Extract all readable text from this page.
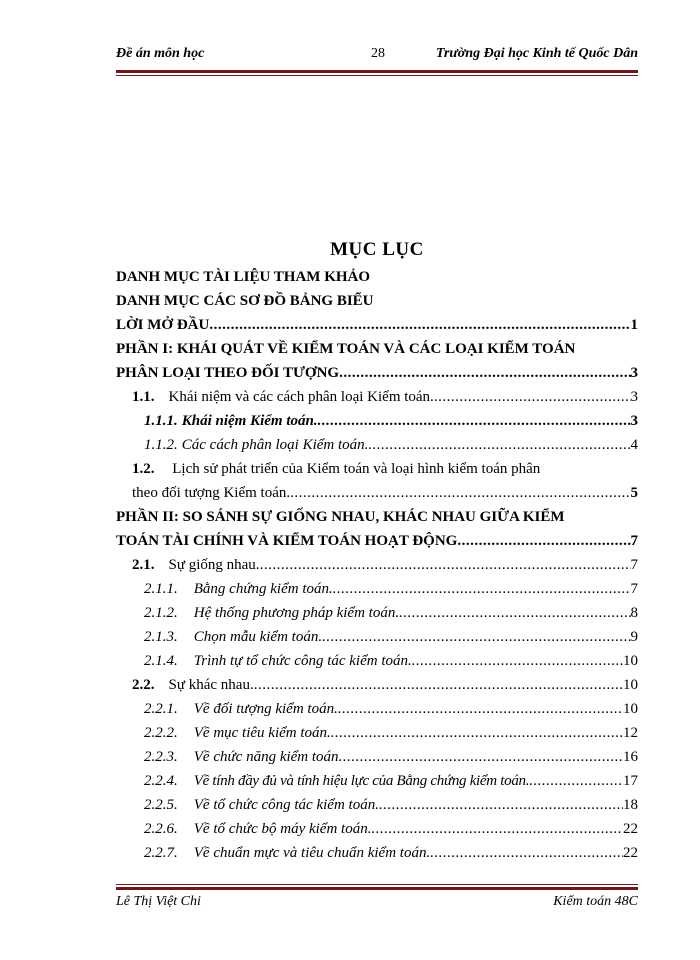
Đề án môn học	28	Trường Đại học Kinh tế Quốc Dân
MỤC LỤC
DANH MỤC TÀI LIỆU THAM KHẢO
DANH MỤC CÁC SƠ ĐỒ BẢNG BIỂU
LỜI MỞ ĐẦU .....	1
PHẦN I: KHÁI QUÁT VỀ KIỂM TOÁN VÀ CÁC LOẠI KIỂM TOÁN
PHÂN LOẠI THEO ĐỐI TƯỢNG .....	3
1.1. Khái niệm và các cách phân loại Kiểm toán. .....	3
1.1.1. Khái niệm Kiểm toán. .....	3
1.1.2. Các cách phân loại Kiểm toán. .....	4
1.2. Lịch sử phát triển của Kiểm toán và loại hình kiểm toán phân
theo đối tượng Kiểm toán. .....	5
PHẦN II: SO SÁNH SỰ GIỐNG NHAU, KHÁC NHAU GIỮA KIỂM
TOÁN TÀI CHÍNH VÀ KIỂM TOÁN HOẠT ĐỘNG .....	7
2.1. Sự giống nhau. .....	7
2.1.1. Bằng chứng kiểm toán. .....	7
2.1.2. Hệ thống phương pháp kiểm toán. .....	8
2.1.3. Chọn mẫu kiểm toán. .....	9
2.1.4. Trình tự tổ chức công tác kiểm toán. .....	10
2.2. Sự khác nhau. .....	10
2.2.1. Về đối tượng kiểm toán. .....	10
2.2.2. Về mục tiêu kiểm toán. .....	12
2.2.3. Về chức năng kiểm toán .....	16
2.2.4. Về tính đầy đủ và tính hiệu lực của Bằng chứng kiểm toán. .....	17
2.2.5. Về tổ chức công tác kiểm toán. .....	18
2.2.6. Về tổ chức bộ máy kiểm toán. .....	22
2.2.7. Về chuẩn mực và tiêu chuẩn kiểm toán. .....	22
Lê Thị Việt Chi	Kiểm toán 48C
